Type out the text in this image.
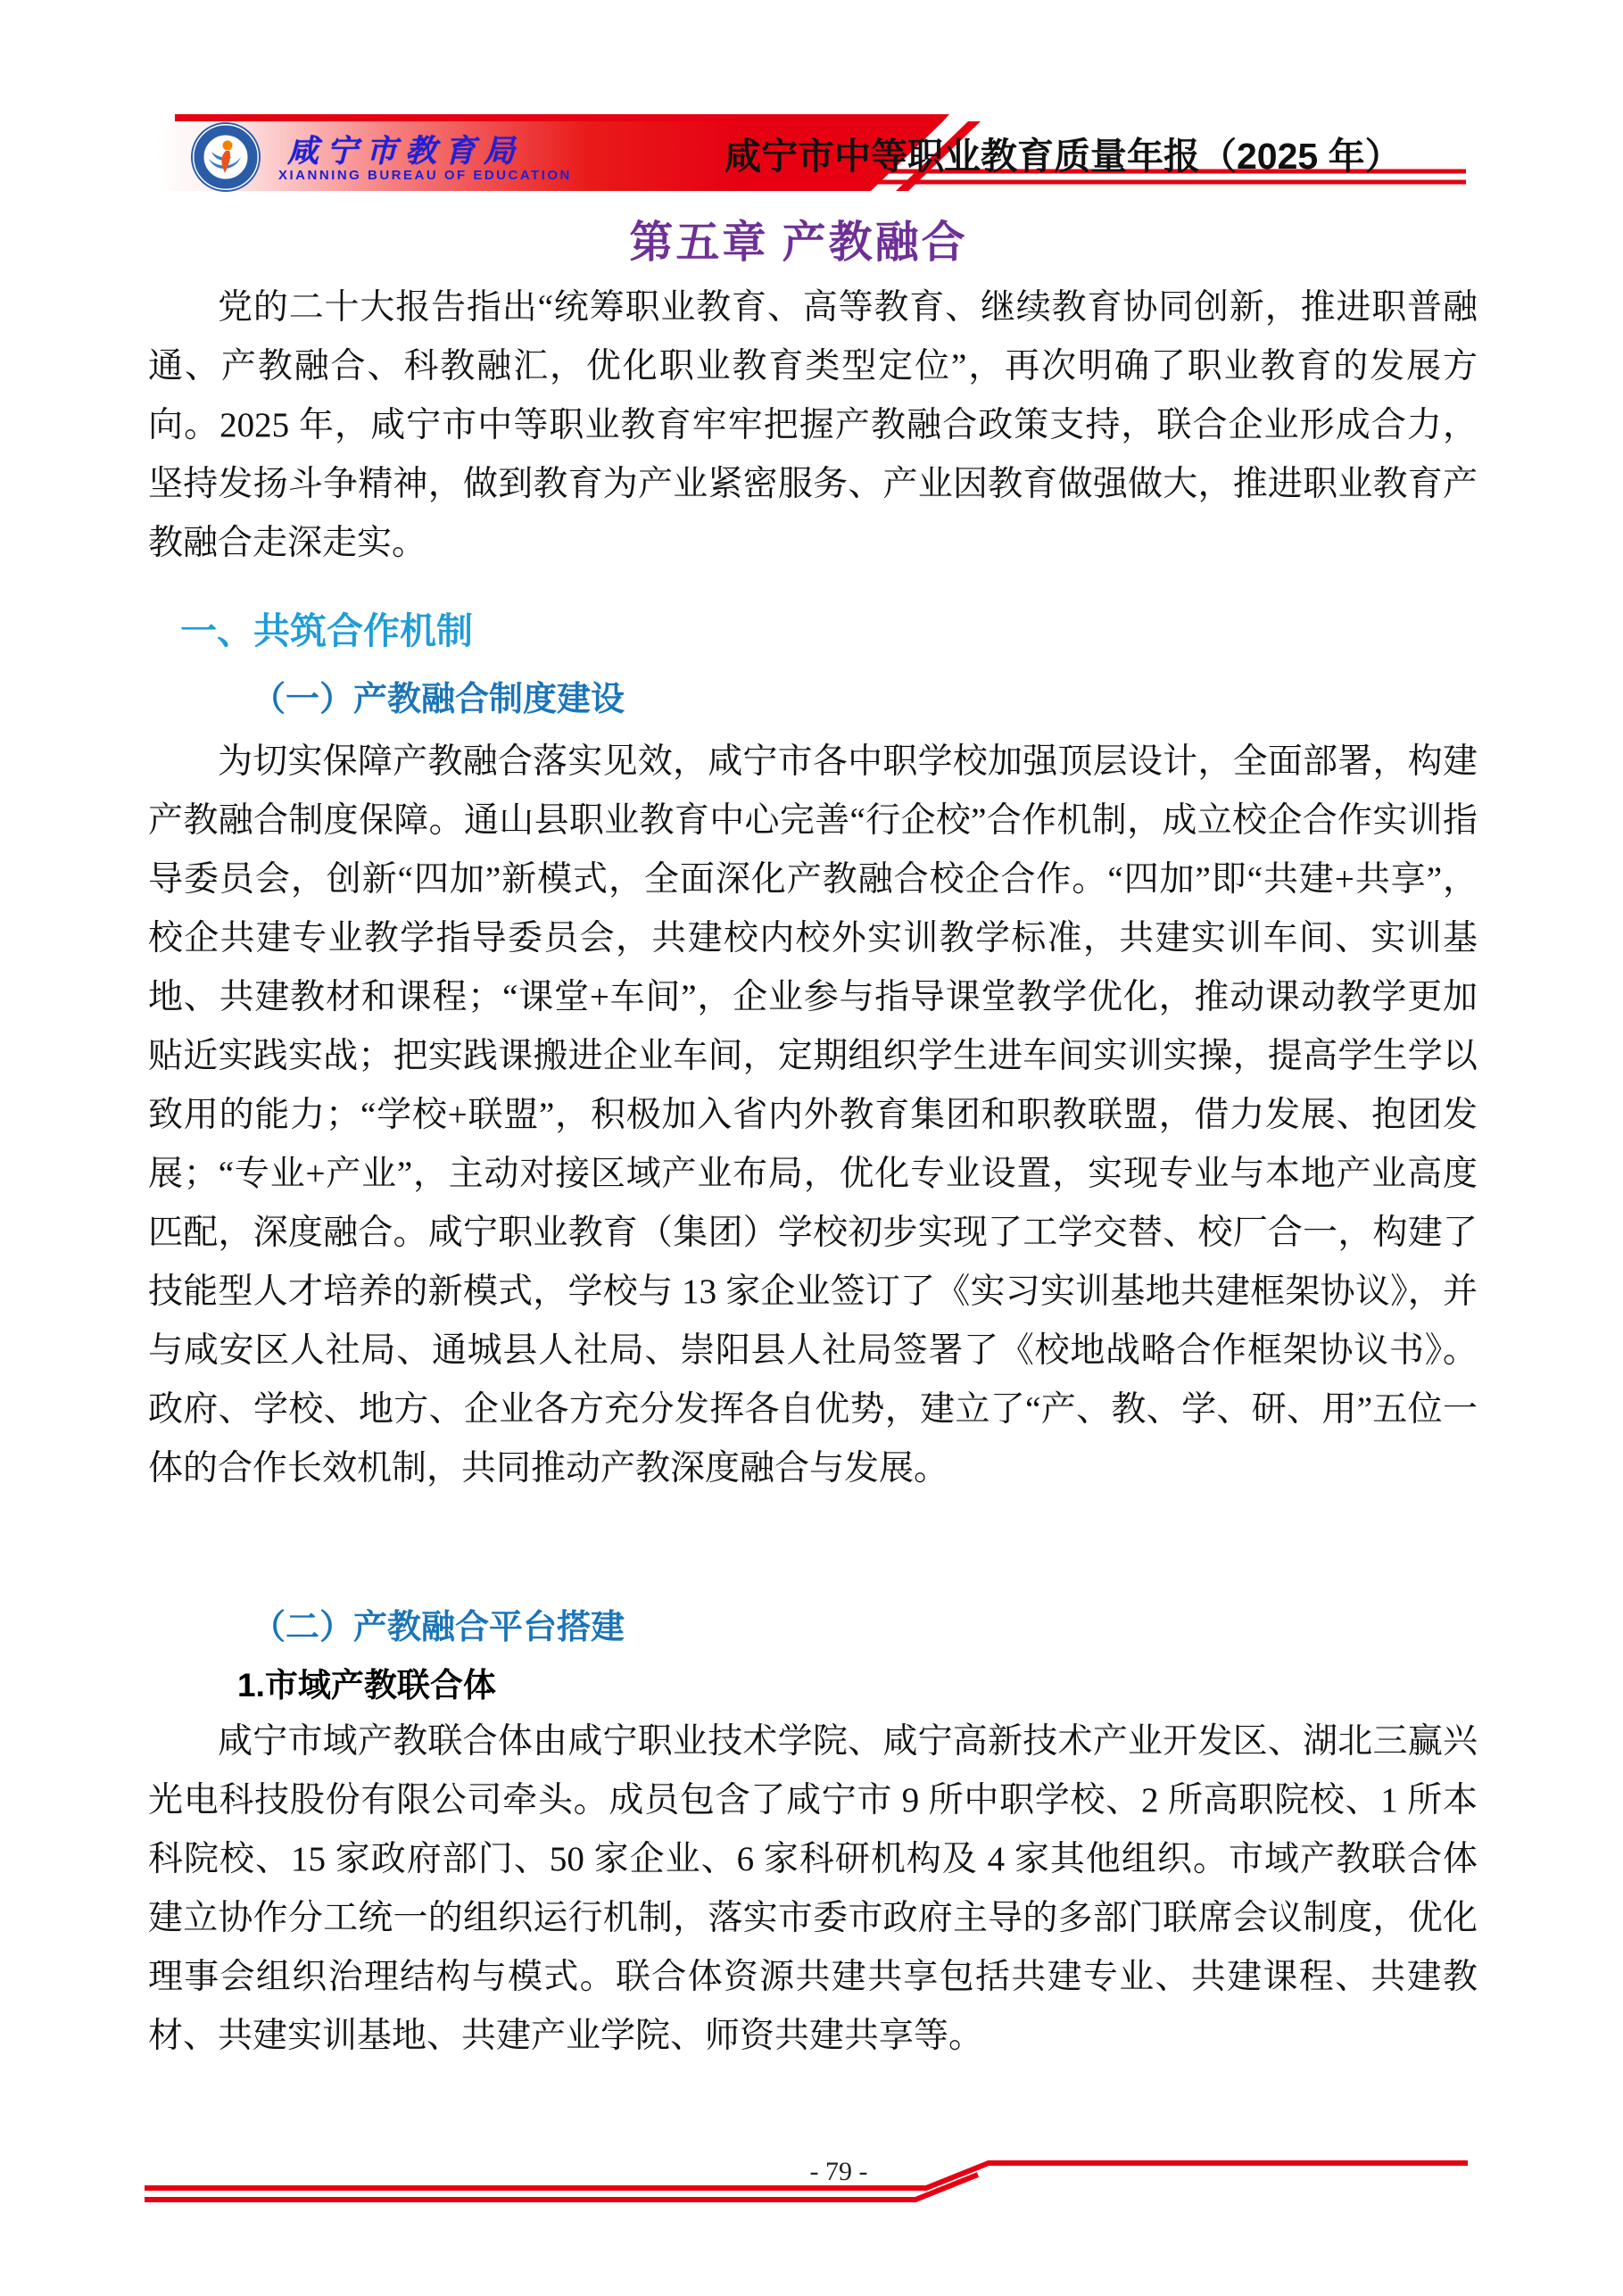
咸宁市教育局
XIANNING BUREAU OF EDUCATION	咸宁市中等职业教育质量年报（2025 年）
第五章 产教融合

党的二十大报告指出“统筹职业教育、高等教育、继续教育协同创新，推进职普融通、产教融合、科教融汇，优化职业教育类型定位”，再次明确了职业教育的发展方向。2025 年，咸宁市中等职业教育牢牢把握产教融合政策支持，联合企业形成合力，坚持发扬斗争精神，做到教育为产业紧密服务、产业因教育做强做大，推进职业教育产教融合走深走实。

一、共筑合作机制
（一）产教融合制度建设

为切实保障产教融合落实见效，咸宁市各中职学校加强顶层设计，全面部署，构建产教融合制度保障。通山县职业教育中心完善“行企校”合作机制，成立校企合作实训指导委员会，创新“四加”新模式，全面深化产教融合校企合作。“四加”即“共建+共享”，校企共建专业教学指导委员会，共建校内校外实训教学标准，共建实训车间、实训基地、共建教材和课程；“课堂+车间”，企业参与指导课堂教学优化，推动课动教学更加贴近实践实战；把实践课搬进企业车间，定期组织学生进车间实训实操，提高学生学以致用的能力；“学校+联盟”，积极加入省内外教育集团和职教联盟，借力发展、抱团发展；“专业+产业”，主动对接区域产业布局，优化专业设置，实现专业与本地产业高度匹配，深度融合。咸宁职业教育（集团）学校初步实现了工学交替、校厂合一，构建了技能型人才培养的新模式，学校与 13 家企业签订了《实习实训基地共建框架协议》，并与咸安区人社局、通城县人社局、崇阳县人社局签署了《校地战略合作框架协议书》。政府、学校、地方、企业各方充分发挥各自优势，建立了“产、教、学、研、用”五位一体的合作长效机制，共同推动产教深度融合与发展。

（二）产教融合平台搭建
1.市域产教联合体

咸宁市域产教联合体由咸宁职业技术学院、咸宁高新技术产业开发区、湖北三赢兴光电科技股份有限公司牵头。成员包含了咸宁市 9 所中职学校、2 所高职院校、1 所本科院校、15 家政府部门、50 家企业、6 家科研机构及 4 家其他组织。市域产教联合体建立协作分工统一的组织运行机制，落实市委市政府主导的多部门联席会议制度，优化理事会组织治理结构与模式。联合体资源共建共享包括共建专业、共建课程、共建教材、共建实训基地、共建产业学院、师资共建共享等。

- 79 -
